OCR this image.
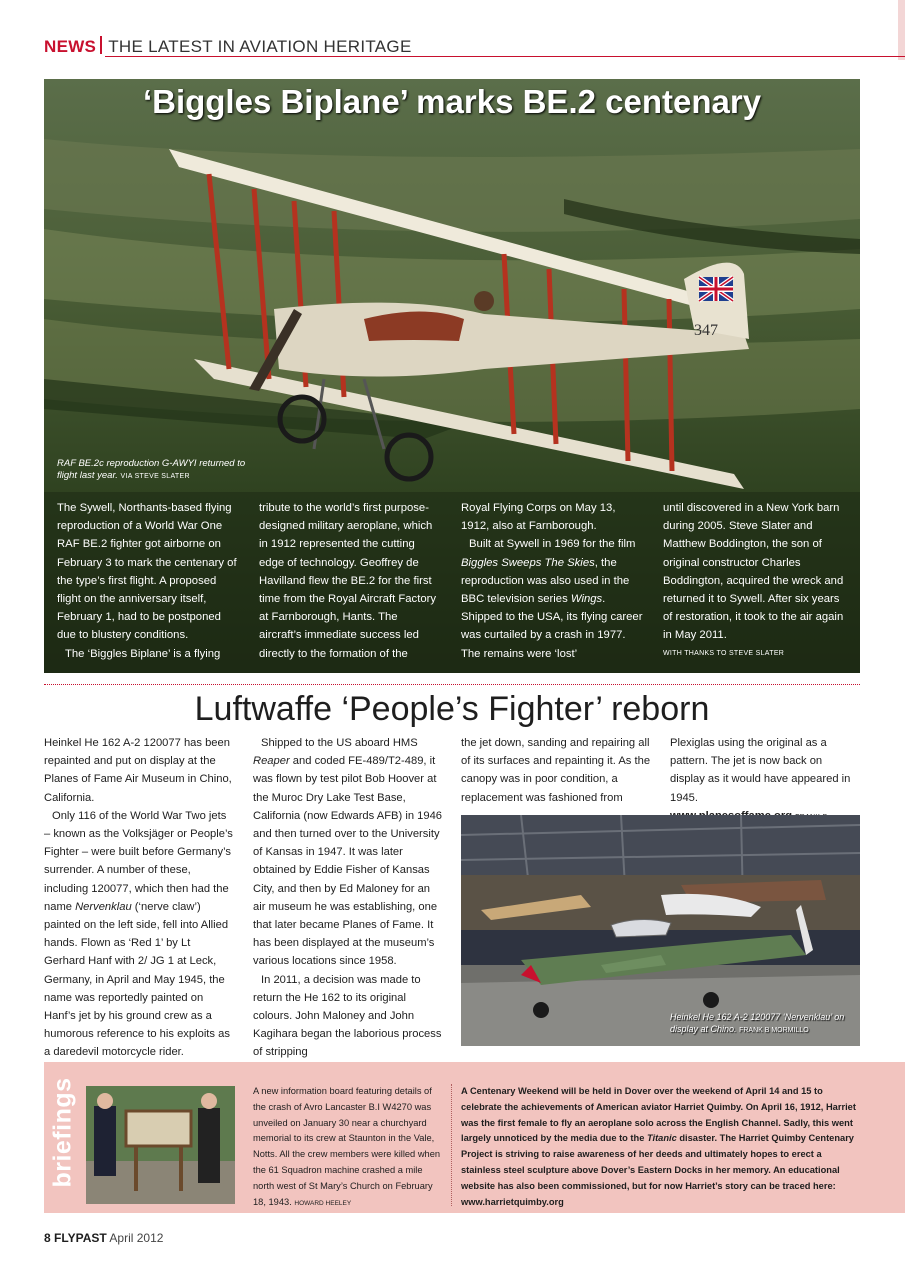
NEWS THE LATEST IN AVIATION HERITAGE
347
‘Biggles Biplane’ marks BE.2 centenary
RAF BE.2c reproduction G-AWYI returned to flight last year. VIA STEVE SLATER

The Sywell, Northants-based flying reproduction of a World War One RAF BE.2 fighter got airborne on February 3 to mark the centenary of the type’s first flight. A proposed flight on the anniversary itself, February 1, had to be postponed due to blustery conditions.

The ‘Biggles Biplane’ is a flying

tribute to the world’s first purpose-designed military aeroplane, which in 1912 represented the cutting edge of technology. Geoffrey de Havilland flew the BE.2 for the first time from the Royal Aircraft Factory at Farnborough, Hants. The aircraft’s immediate success led directly to the formation of the

Royal Flying Corps on May 13, 1912, also at Farnborough.

Built at Sywell in 1969 for the film Biggles Sweeps The Skies, the reproduction was also used in the BBC television series Wings. Shipped to the USA, its flying career was curtailed by a crash in 1977. The remains were ‘lost’

until discovered in a New York barn during 2005. Steve Slater and Matthew Boddington, the son of original constructor Charles Boddington, acquired the wreck and returned it to Sywell. After six years of restoration, it took to the air again in May 2011.

WITH THANKS TO STEVE SLATER

Luftwaffe ‘People’s Fighter’ reborn

Heinkel He 162 A-2 120077 has been repainted and put on display at the Planes of Fame Air Museum in Chino, California.

Only 116 of the World War Two jets – known as the Volksjäger or People’s Fighter – were built before Germany’s surrender. A number of these, including 120077, which then had the name Nervenklau (‘nerve claw’) painted on the left side, fell into Allied hands. Flown as ‘Red 1’ by Lt Gerhard Hanf with 2/ JG 1 at Leck, Germany, in April and May 1945, the name was reportedly painted on Hanf’s jet by his ground crew as a humorous reference to his exploits as a daredevil motorcycle rider.

Shipped to the US aboard HMS Reaper and coded FE-489/T2-489, it was flown by test pilot Bob Hoover at the Muroc Dry Lake Test Base, California (now Edwards AFB) in 1946 and then turned over to the University of Kansas in 1947. It was later obtained by Eddie Fisher of Kansas City, and then by Ed Maloney for an air museum he was establishing, one that later became Planes of Fame. It has been displayed at the museum’s various locations since 1958.

In 2011, a decision was made to return the He 162 to its original colours. John Maloney and John Kagihara began the laborious process of stripping

the jet down, sanding and repairing all of its surfaces and repainting it. As the canopy was in poor condition, a replacement was fashioned from

Plexiglas using the original as a pattern. The jet is now back on display as it would have appeared in 1945.

Heinkel He 162 A-2 120077 ‘Nervenklau’ on display at Chino. FRANK B MORMILLO
briefings	A new information board featuring details of the crash of Avro Lancaster B.I W4270 was unveiled on January 30 near a churchyard memorial to its crew at Staunton in the Vale, Notts. All the crew members were killed when the 61 Squadron machine crashed a mile north west of St Mary’s Church on February 18, 1943. HOWARD HEELEY
A Centenary Weekend will be held in Dover over the weekend of April 14 and 15 to celebrate the achievements of American aviator Harriet Quimby. On April 16, 1912, Harriet was the first female to fly an aeroplane solo across the English Channel. Sadly, this went largely unnoticed by the media due to the Titanic disaster. The Harriet Quimby Centenary Project is striving to raise awareness of her deeds and ultimately hopes to erect a stainless steel sculpture above Dover’s Eastern Docks in her memory. An educational website has also been commissioned, but for now Harriet’s story can be traced here:
www.harrietquimby.org
8 FLYPAST April 2012
